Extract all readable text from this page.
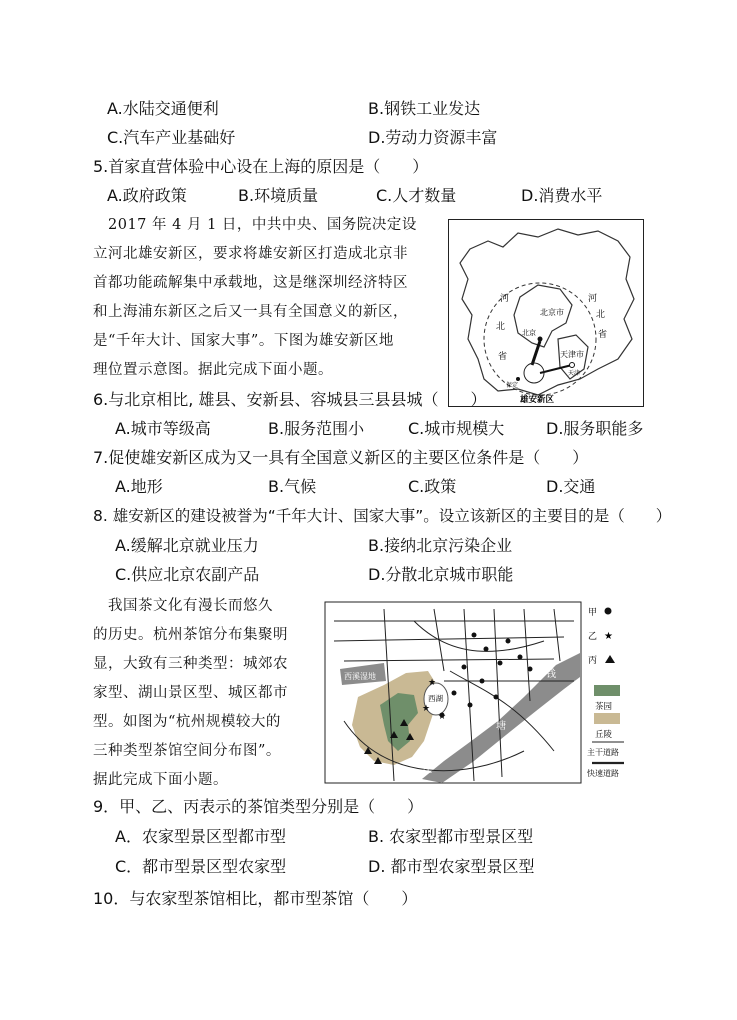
A.水陆交通便利	B.钢铁工业发达
C.汽车产业基础好	D.劳动力资源丰富
5.首家直营体验中心设在上海的原因是（　　）
A.政府政策	B.环境质量	C.人才数量	D.消费水平
　2017 年 4 月 1 日，中共中央、国务院决定设
立河北雄安新区，要求将雄安新区打造成北京非
首都功能疏解集中承载地，这是继深圳经济特区
和上海浦东新区之后又一具有全国意义的新区，
是“千年大计、国家大事”。下图为雄安新区地
理位置示意图。据此完成下面小题。
河
北
省
河
北
省
北京市
北京
天津市
天津
保定
雄安新区
6.与北京相比, 雄县、安新县、容城县三县县城（　　）
A.城市等级高	B.服务范围小	C.城市规模大	D.服务职能多
7.促使雄安新区成为又一具有全国意义新区的主要区位条件是（　　）
A.地形	B.气候	C.政策	D.交通
8. 雄安新区的建设被誉为“千年大计、国家大事”。设立该新区的主要目的是（　　）
A.缓解北京就业压力	B.接纳北京污染企业
C.供应北京农副产品	D.分散北京城市职能
　我国茶文化有漫长而悠久
的历史。杭州茶馆分布集聚明
显，大致有三种类型：城郊农
家型、湖山景区型、城区都市
型。如图为“杭州规模较大的
三种类型茶馆空间分布图”。
据此完成下面小题。
★
★
★
西溪湿地
西湖
钱
塘
江
甲
乙 ★
丙
茶园
丘陵
主干道路
快速道路
9．甲、乙、丙表示的茶馆类型分别是（　　）
A．农家型景区型都市型	B. 农家型都市型景区型
C．都市型景区型农家型	D. 都市型农家型景区型
10．与农家型茶馆相比，都市型茶馆（　　）
